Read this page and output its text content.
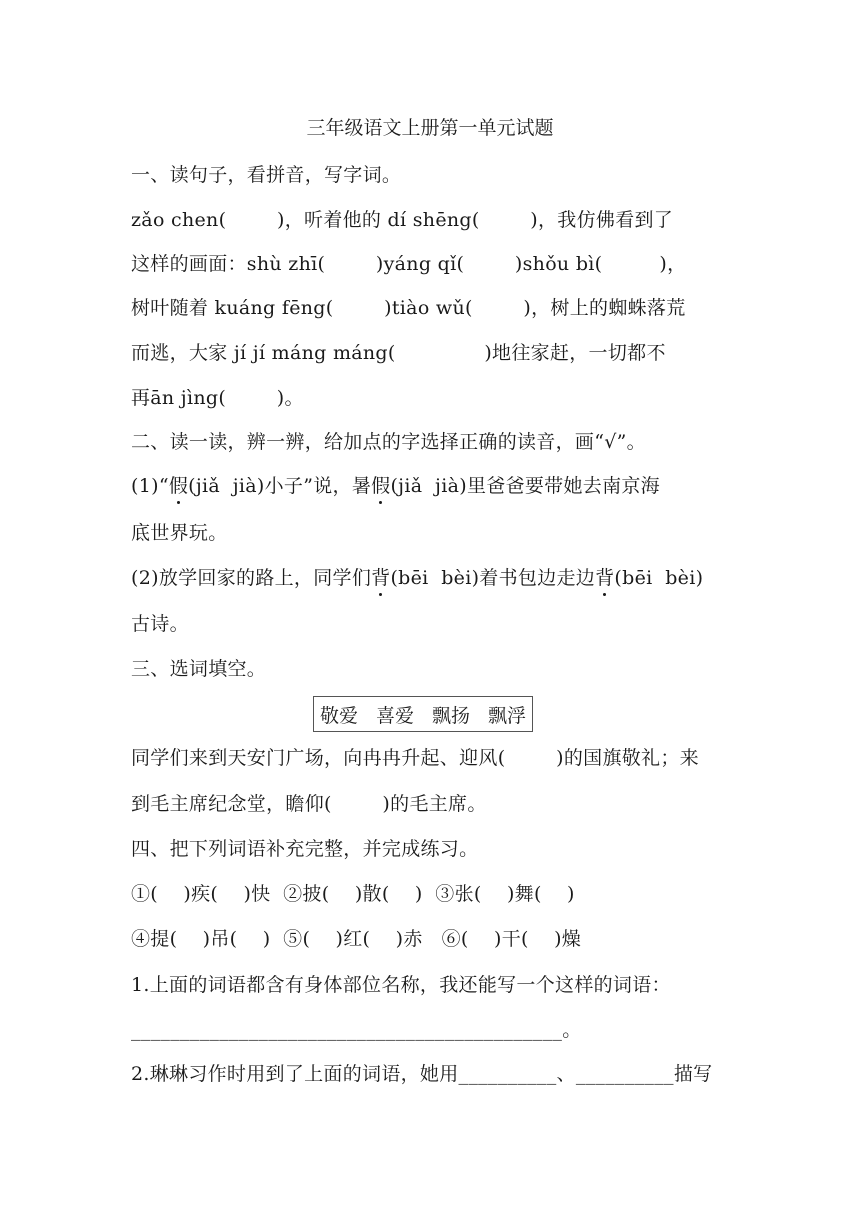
三年级语文上册第一单元试题
一、读句子，看拼音，写字词。
zǎo chen(        )，听着他的 dí shēng(        )，我仿佛看到了
这样的画面：shù zhī(        )yáng qǐ(        )shǒu bì(         )，
树叶随着 kuáng fēng(        )tiào wǔ(        )，树上的蜘蛛落荒
而逃，大家 jí jí máng máng(              )地往家赶，一切都不
再ān jìng(        )。
二、读一读，辨一辨，给加点的字选择正确的读音，画“√”。
(1)“假(jiǎ  jià)小子”说，暑假(jiǎ  jià)里爸爸要带她去南京海
底世界玩。
(2)放学回家的路上，同学们背(bēi  bèi)着书包边走边背(bēi  bèi)
古诗。
三、选词填空。
敬爱 喜爱 飘扬 飘浮
同学们来到天安门广场，向冉冉升起、迎风(        )的国旗敬礼；来
到毛主席纪念堂，瞻仰(        )的毛主席。
四、把下列词语补充完整，并完成练习。
①(    )疾(    )快  ②披(    )散(    )  ③张(    )舞(    )
④提(    )吊(    )  ⑤(    )红(    )赤   ⑥(    )干(    )燥
1.上面的词语都含有身体部位名称，我还能写一个这样的词语：
____________________________________________。
2.琳琳习作时用到了上面的词语，她用__________、__________描写
